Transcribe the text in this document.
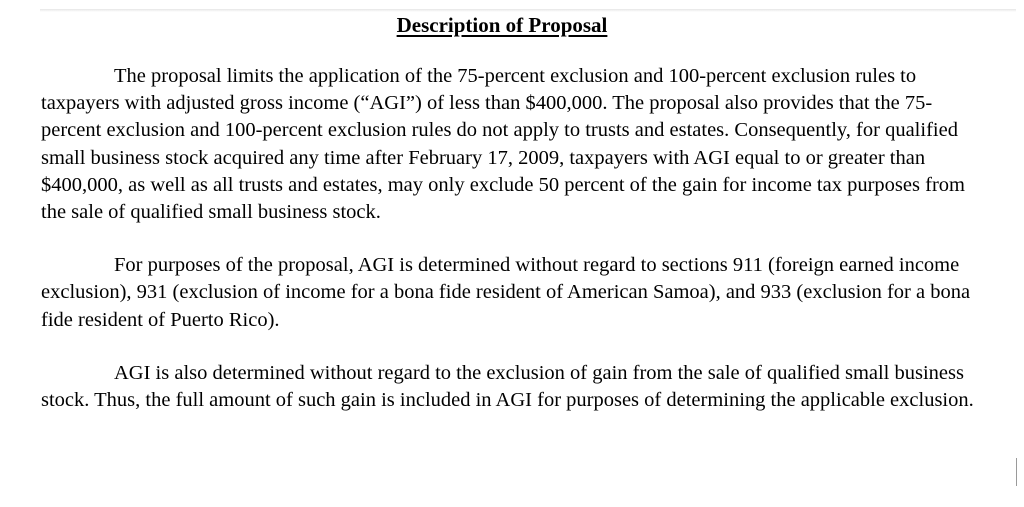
Description of Proposal

The proposal limits the application of the 75-percent exclusion and 100-percent exclusion rules to taxpayers with adjusted gross income (“AGI”) of less than $400,000. The proposal also provides that the 75-percent exclusion and 100-percent exclusion rules do not apply to trusts and estates. Consequently, for qualified small business stock acquired any time after February 17, 2009, taxpayers with AGI equal to or greater than $400,000, as well as all trusts and estates, may only exclude 50 percent of the gain for income tax purposes from the sale of qualified small business stock.

For purposes of the proposal, AGI is determined without regard to sections 911 (foreign earned income exclusion), 931 (exclusion of income for a bona fide resident of American Samoa), and 933 (exclusion for a bona fide resident of Puerto Rico).

AGI is also determined without regard to the exclusion of gain from the sale of qualified small business stock. Thus, the full amount of such gain is included in AGI for purposes of determining the applicable exclusion.
